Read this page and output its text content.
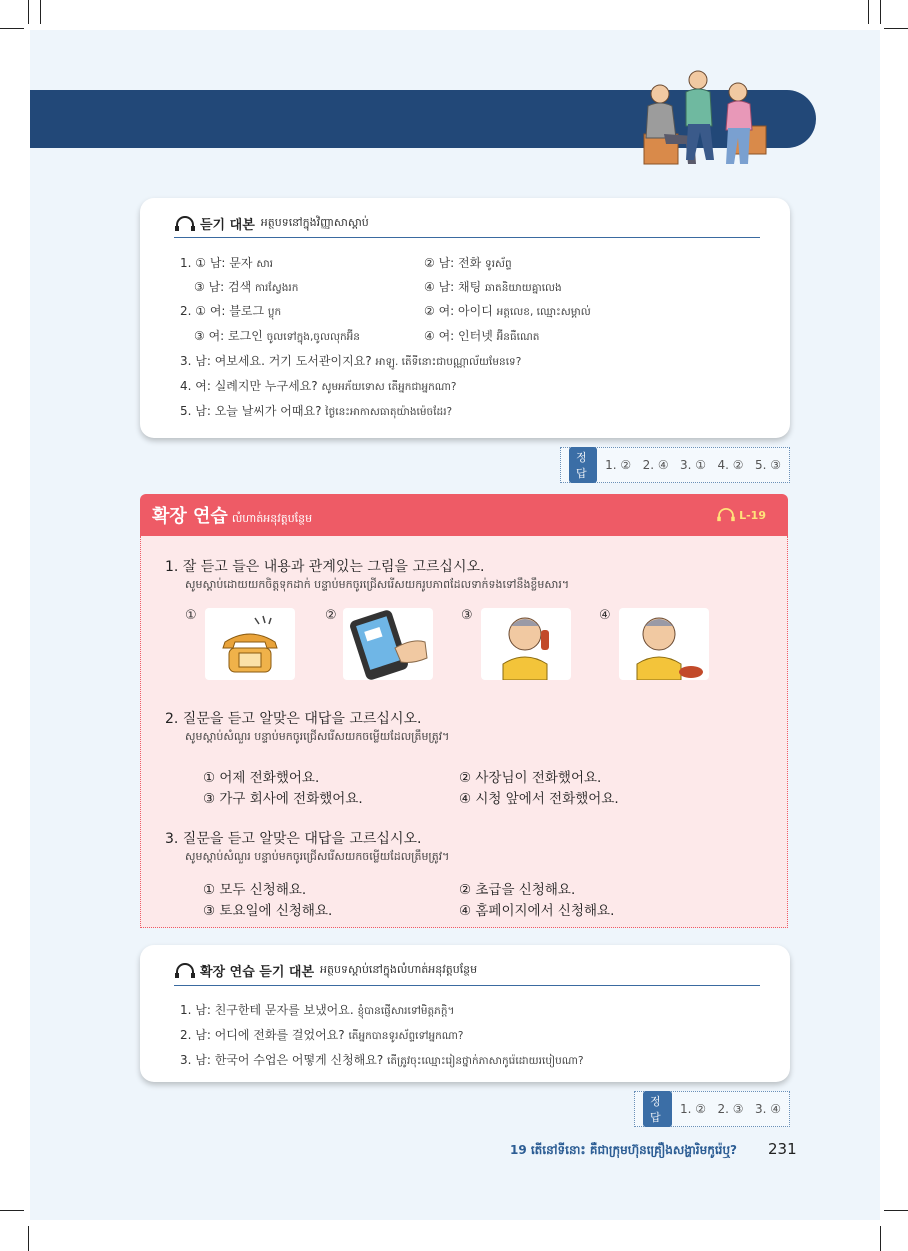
듣기 대본 អត្ថបទនៅក្នុងវិញ្ញាសាស្ដាប់
1. ① 남: 문자 សារ	② 남: 전화 ទូរស័ព្ទ
③ 남: 검색 ការស្វែងរក	④ 남: 채팅 ឆាតនិយាយគ្នាលេង
2. ① 여: 블로그 ប្លុក	② 여: 아이디 អត្តលេខ, ឈ្មោះសម្គាល់
③ 여: 로그인 ចូលទៅក្នុង,ចូលលុកអ៊ីន	④ 여: 인터넷 អ៊ីនធឺណេត
3. 남: 여보세요. 거기 도서관이지요? អាឡូ. តើទីនោះជាបណ្ណាល័យមែនទេ?
4. 여: 실례지만 누구세요? សូមអភ័យទោស តើអ្នកជាអ្នកណា?
5. 남: 오늘 날씨가 어때요? ថ្ងៃនេះអាកាសធាតុយ៉ាងម៉េចដែរ?
정답
1. ②   2. ④   3. ①   4. ②   5. ③
확장 연습 លំហាត់អនុវត្តបន្ថែម	L-19
1. 잘 듣고 들은 내용과 관계있는 그림을 고르십시오.
សូមស្ដាប់ដោយយកចិត្តទុកដាក់ បន្ទាប់មកចូរជ្រើសរើសយករូបភាពដែលទាក់ទងទៅនឹងខ្លឹមសារ។
①	②	③	④
2. 질문을 듣고 알맞은 대답을 고르십시오.
សូមស្ដាប់សំណួរ បន្ទាប់មកចូរជ្រើសរើសយកចម្លើយដែលត្រឹមត្រូវ។
① 어제 전화했어요.	② 사장님이 전화했어요.
③ 가구 회사에 전화했어요.	④ 시청 앞에서 전화했어요.
3. 질문을 듣고 알맞은 대답을 고르십시오.
សូមស្ដាប់សំណួរ បន្ទាប់មកចូរជ្រើសរើសយកចម្លើយដែលត្រឹមត្រូវ។
① 모두 신청해요.	② 초급을 신청해요.
③ 토요일에 신청해요.	④ 홈페이지에서 신청해요.
확장 연습 듣기 대본 អត្ថបទស្ដាប់នៅក្នុងលំហាត់អនុវត្តបន្ថែម
1. 남: 친구한테 문자를 보냈어요. ខ្ញុំបានផ្ញើសារទៅមិត្តភក្ដិ។
2. 남: 어디에 전화를 걸었어요? តើអ្នកបានទូរស័ព្ទទៅអ្នកណា?
3. 남: 한국어 수업은 어떻게 신청해요? តើត្រូវចុះឈ្មោះរៀនថ្នាក់ភាសាកូរ៉េដោយរបៀបណា?
정답
1. ②   2. ③   3. ④
19 តើនៅទីនោះ គឺជាក្រុមហ៊ុនគ្រឿងសង្ហារិមកូរ៉េឬ? 231
